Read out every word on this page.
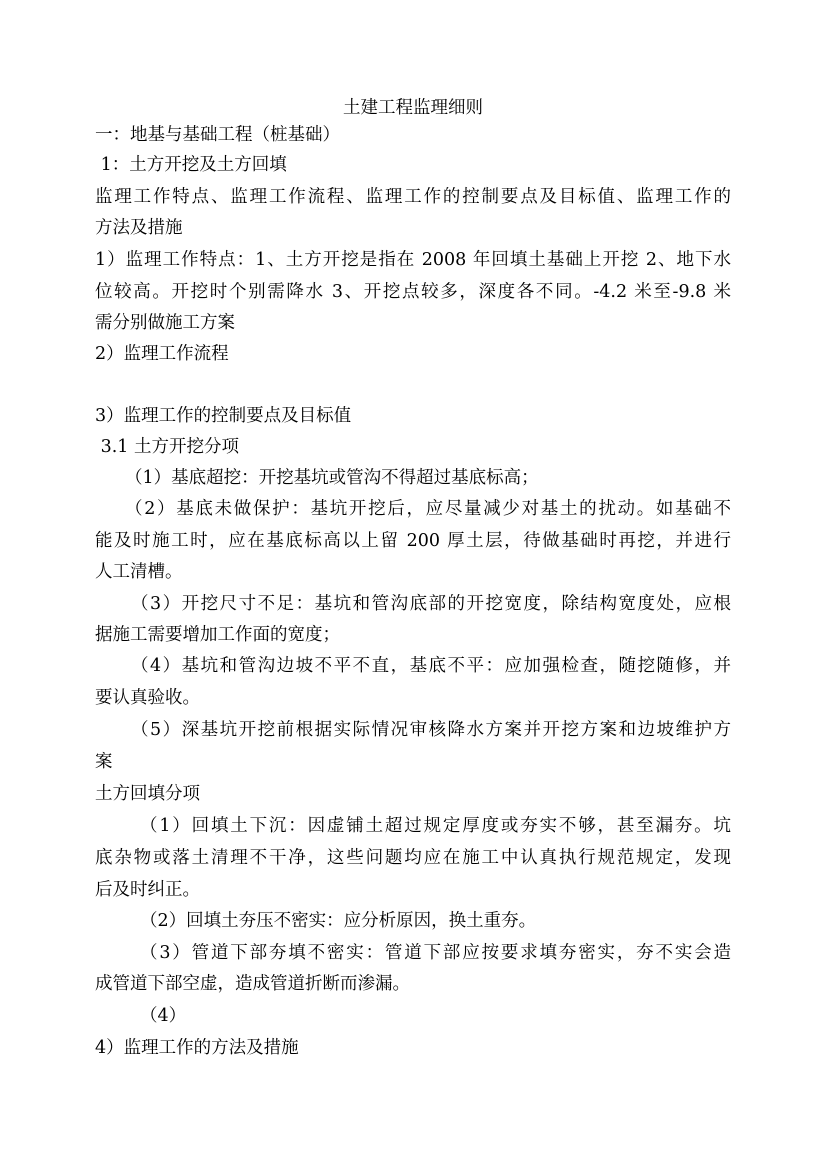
土建工程监理细则
一：地基与基础工程（桩基础）
1：土方开挖及土方回填
监理工作特点、监理工作流程、监理工作的控制要点及目标值、监理工作的
方法及措施
1）监理工作特点：1、土方开挖是指在 2008 年回填土基础上开挖 2、地下水
位较高。开挖时个别需降水 3、开挖点较多，深度各不同。-4.2 米至-9.8 米
需分别做施工方案
2）监理工作流程
3）监理工作的控制要点及目标值
3.1 土方开挖分项
（1）基底超挖：开挖基坑或管沟不得超过基底标高；
（2）基底未做保护：基坑开挖后，应尽量减少对基土的扰动。如基础不
能及时施工时，应在基底标高以上留 200 厚土层，待做基础时再挖，并进行
人工清槽。
（3）开挖尺寸不足：基坑和管沟底部的开挖宽度，除结构宽度处，应根
据施工需要增加工作面的宽度；
（4）基坑和管沟边坡不平不直，基底不平：应加强检查，随挖随修，并
要认真验收。
（5）深基坑开挖前根据实际情况审核降水方案并开挖方案和边坡维护方
案
土方回填分项
（1）回填土下沉：因虚铺土超过规定厚度或夯实不够，甚至漏夯。坑
底杂物或落土清理不干净，这些问题均应在施工中认真执行规范规定，发现
后及时纠正。
（2）回填土夯压不密实：应分析原因，换土重夯。
（3）管道下部夯填不密实：管道下部应按要求填夯密实，夯不实会造
成管道下部空虚，造成管道折断而渗漏。
（4）
4）监理工作的方法及措施
